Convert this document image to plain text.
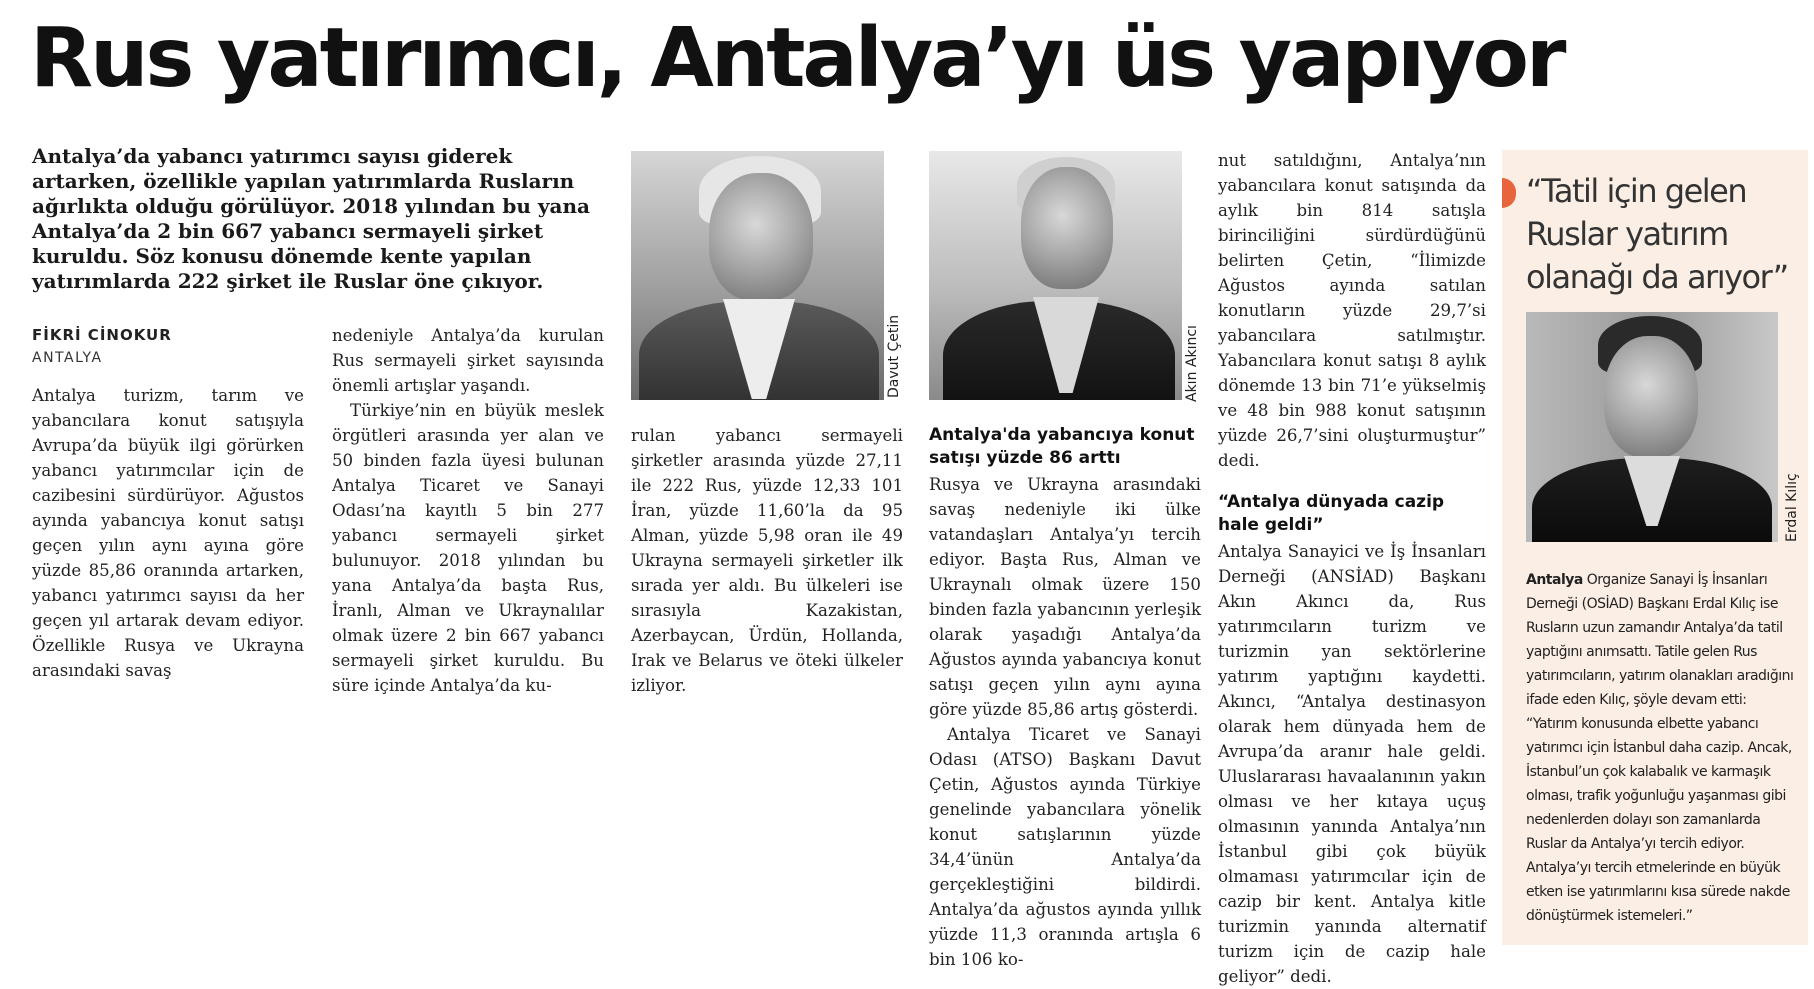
Rus yatırımcı, Antalya’yı üs yapıyor

Antalya’da yabancı yatırımcı sayısı giderek artarken, özellikle yapılan yatırımlarda Rusların ağırlıkta olduğu görülüyor. 2018 yılından bu yana Antalya’da 2 bin 667 yabancı sermayeli şirket kuruldu. Söz konusu dönemde kente yapılan yatırımlarda 222 şirket ile Ruslar öne çıkıyor.

FİKRİ CİNOKUR
ANTALYA

Antalya turizm, tarım ve yabancılara konut satışıyla Avrupa’da büyük ilgi görürken yabancı yatırımcılar için de cazibesini sürdürüyor. Ağustos ayında yabancıya konut satışı geçen yılın aynı ayına göre yüzde 85,86 oranında artarken, yabancı yatırımcı sayısı da her geçen yıl artarak devam ediyor. Özellikle Rusya ve Ukrayna arasındaki savaş

nedeniyle Antalya’da kurulan Rus sermayeli şirket sayısında önemli artışlar yaşandı.

Türkiye’nin en büyük meslek örgütleri arasında yer alan ve 50 binden fazla üyesi bulunan Antalya Ticaret ve Sanayi Odası’na kayıtlı 5 bin 277 yabancı sermayeli şirket bulunuyor. 2018 yılından bu yana Antalya’da başta Rus, İranlı, Alman ve Ukraynalılar olmak üzere 2 bin 667 yabancı sermayeli şirket kuruldu. Bu süre içinde Antalya’da ku-

Davut Çetin

rulan yabancı sermayeli şirketler arasında yüzde 27,11 ile 222 Rus, yüzde 12,33 101 İran, yüzde 11,60’la da 95 Alman, yüzde 5,98 oran ile 49 Ukrayna sermayeli şirketler ilk sırada yer aldı. Bu ülkeleri ise sırasıyla Kazakistan, Azerbaycan, Ürdün, Hollanda, Irak ve Belarus ve öteki ülkeler izliyor.

Akın Akıncı
Antalya'da yabancıya konut satışı yüzde 86 arttı

Rusya ve Ukrayna arasındaki savaş nedeniyle iki ülke vatandaşları Antalya’yı tercih ediyor. Başta Rus, Alman ve Ukraynalı olmak üzere 150 binden fazla yabancının yerleşik olarak yaşadığı Antalya’da Ağustos ayında yabancıya konut satışı geçen yılın aynı ayına göre yüzde 85,86 artış gösterdi.

Antalya Ticaret ve Sanayi Odası (ATSO) Başkanı Davut Çetin, Ağustos ayında Türkiye genelinde yabancılara yönelik konut satışlarının yüzde 34,4’ünün Antalya’da gerçekleştiğini bildirdi. Antalya’da ağustos ayında yıllık yüzde 11,3 oranında artışla 6 bin 106 ko-

nut satıldığını, Antalya’nın yabancılara konut satışında da aylık bin 814 satışla birinciliğini sürdürdüğünü belirten Çetin, “İlimizde Ağustos ayında satılan konutların yüzde 29,7’si yabancılara satılmıştır. Yabancılara konut satışı 8 aylık dönemde 13 bin 71’e yükselmiş ve 48 bin 988 konut satışının yüzde 26,7’sini oluşturmuştur” dedi.

“Antalya dünyada cazip hale geldi”

Antalya Sanayici ve İş İnsanları Derneği (ANSİAD) Başkanı Akın Akıncı da, Rus yatırımcıların turizm ve turizmin yan sektörlerine yatırım yaptığını kaydetti. Akıncı, “Antalya destinasyon olarak hem dünyada hem de Avrupa’da aranır hale geldi. Uluslararası havaalanının yakın olması ve her kıtaya uçuş olmasının yanında Antalya’nın İstanbul gibi çok büyük olmaması yatırımcılar için de cazip bir kent. Antalya kitle turizmin yanında alternatif turizm için de cazip hale geliyor” dedi.

“Tatil için gelen Ruslar yatırım olanağı da arıyor”

Erdal Kılıç

Antalya Organize Sanayi İş İnsanları Derneği (OSİAD) Başkanı Erdal Kılıç ise Rusların uzun zamandır Antalya’da tatil yaptığını anımsattı. Tatile gelen Rus yatırımcıların, yatırım olanakları aradığını ifade eden Kılıç, şöyle devam etti: “Yatırım konusunda elbette yabancı yatırımcı için İstanbul daha cazip. Ancak, İstanbul’un çok kalabalık ve karmaşık olması, trafik yoğunluğu yaşanması gibi nedenlerden dolayı son zamanlarda Ruslar da Antalya’yı tercih ediyor. Antalya’yı tercih etmelerinde en büyük etken ise yatırımlarını kısa sürede nakde dönüştürmek istemeleri.”
